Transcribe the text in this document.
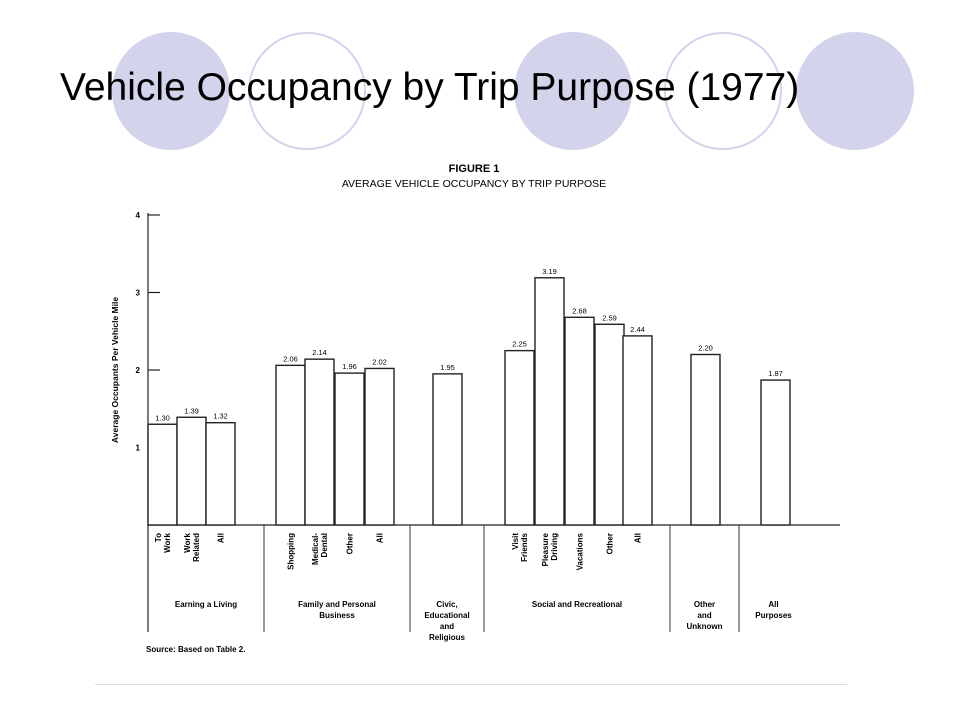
Vehicle Occupancy by Trip Purpose (1977)
FIGURE 1
AVERAGE VEHICLE OCCUPANCY BY TRIP PURPOSE
Average Occupants Per Vehicle Mile
1
2
3
4
1.30
To Work
1.39
Work Related
1.32
All
Earning a Living
2.06
Shopping
2.14
Medical- Dental
1.96
Other
2.02
All
Family and Personal
Business
1.95
Civic,
Educational
and
Religious
2.25
Visit Friends
3.19
Pleasure Driving
2.68
Vacations
2.59
Other
2.44
All
Social and Recreational
2.20
Other
and
Unknown
1.87
All
Purposes
Source: Based on Table 2.
